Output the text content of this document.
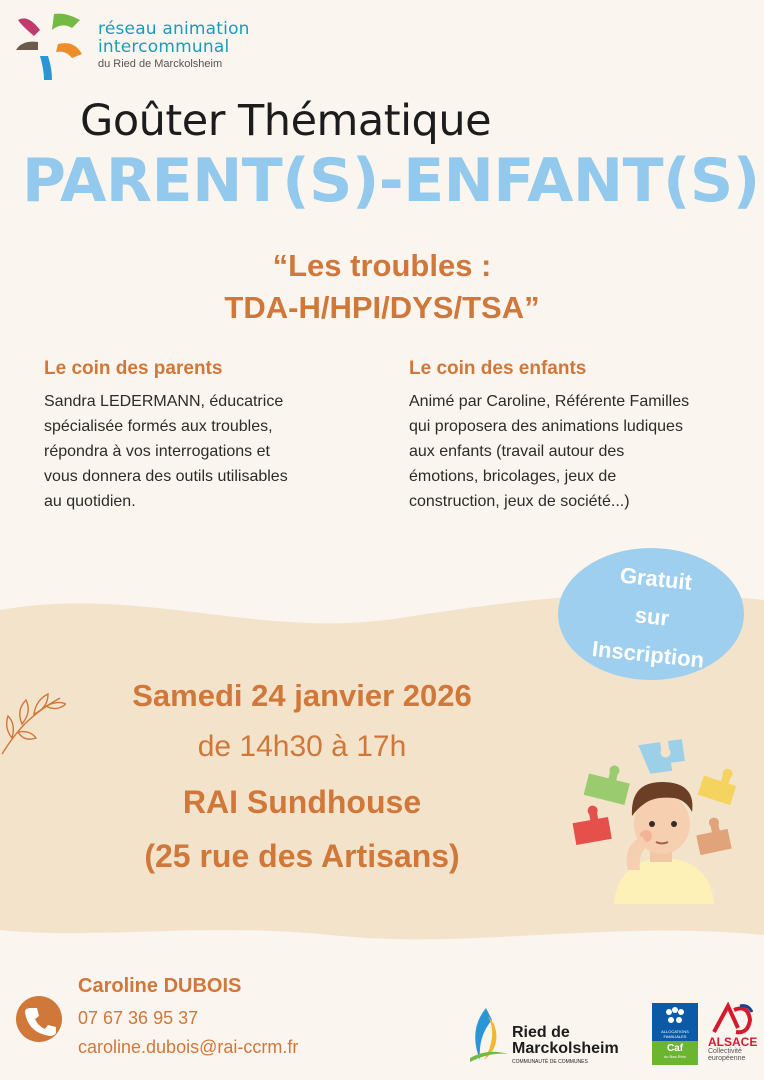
réseau animation
intercommunal
du Ried de Marckolsheim
Goûter Thématique
PARENT(S)-ENFANT(S)
“Les troubles :
TDA-H/HPI/DYS/TSA”
Le coin des parents
Sandra LEDERMANN, éducatrice
spécialisée formés aux troubles,
répondra à vos interrogations et
vous donnera des outils utilisables
au quotidien.
Le coin des enfants
Animé par Caroline, Référente Familles
qui proposera des animations ludiques
aux enfants (travail autour des
émotions, bricolages, jeux de
construction, jeux de société...)
Gratuit
sur
Inscription
Samedi 24 janvier 2026
de 14h30 à 17h
RAI Sundhouse
(25 rue des Artisans)
Caroline DUBOIS
07 67 36 95 37
caroline.dubois@rai-ccrm.fr
Ried de
Marckolsheim
COMMUNAUTÉ DE COMMUNES
ALLOCATIONS
FAMILIALES
Caf
du Bas-Rhin
ALSACE
Collectivité
européenne
